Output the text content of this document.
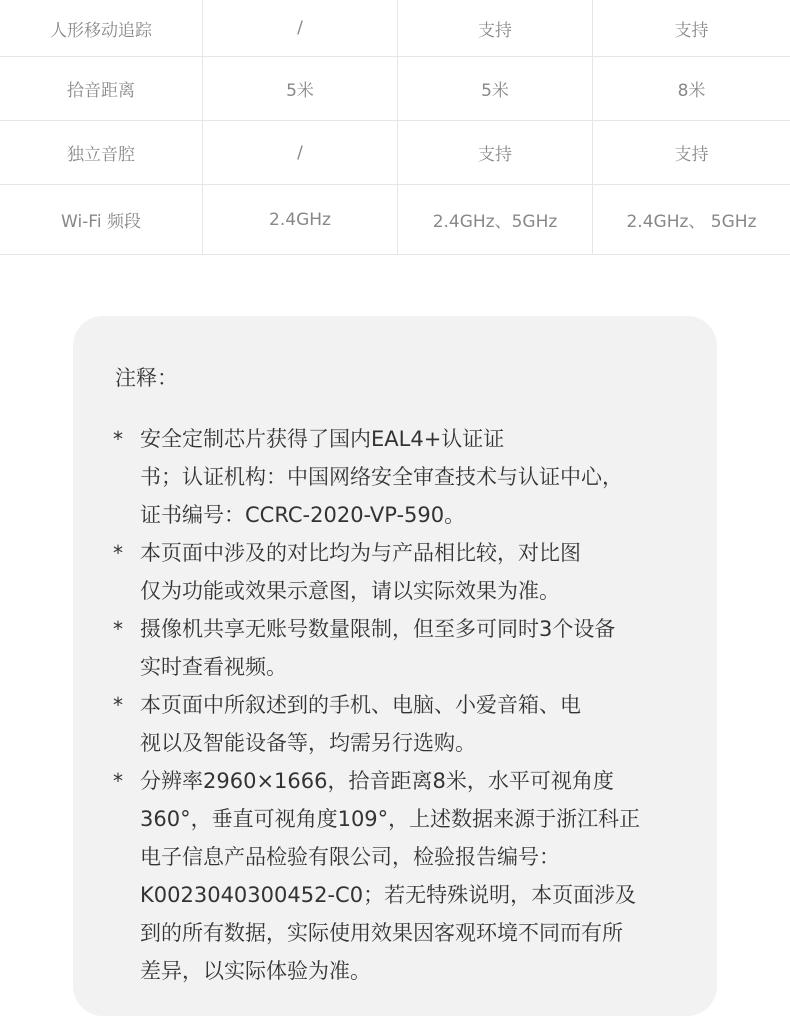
人形移动追踪	/	支持	支持
拾音距离	5米	5米	8米
独立音腔	/	支持	支持
Wi-Fi 频段	2.4GHz	2.4GHz、5GHz	2.4GHz、 5GHz
注释：
* 安全定制芯片获得了国内EAL4+认证证
书；认证机构：中国网络安全审查技术与认证中心，
证书编号：CCRC-2020-VP-590。
* 本页面中涉及的对比均为与产品相比较，对比图
仅为功能或效果示意图，请以实际效果为准。
* 摄像机共享无账号数量限制，但至多可同时3个设备
实时查看视频。
* 本页面中所叙述到的手机、电脑、小爱音箱、电
视以及智能设备等，均需另行选购。
* 分辨率2960×1666，拾音距离8米，水平可视角度
360°，垂直可视角度109°，上述数据来源于浙江科正
电子信息产品检验有限公司，检验报告编号：
K0023040300452-C0；若无特殊说明，本页面涉及
到的所有数据，实际使用效果因客观环境不同而有所
差异，以实际体验为准。
